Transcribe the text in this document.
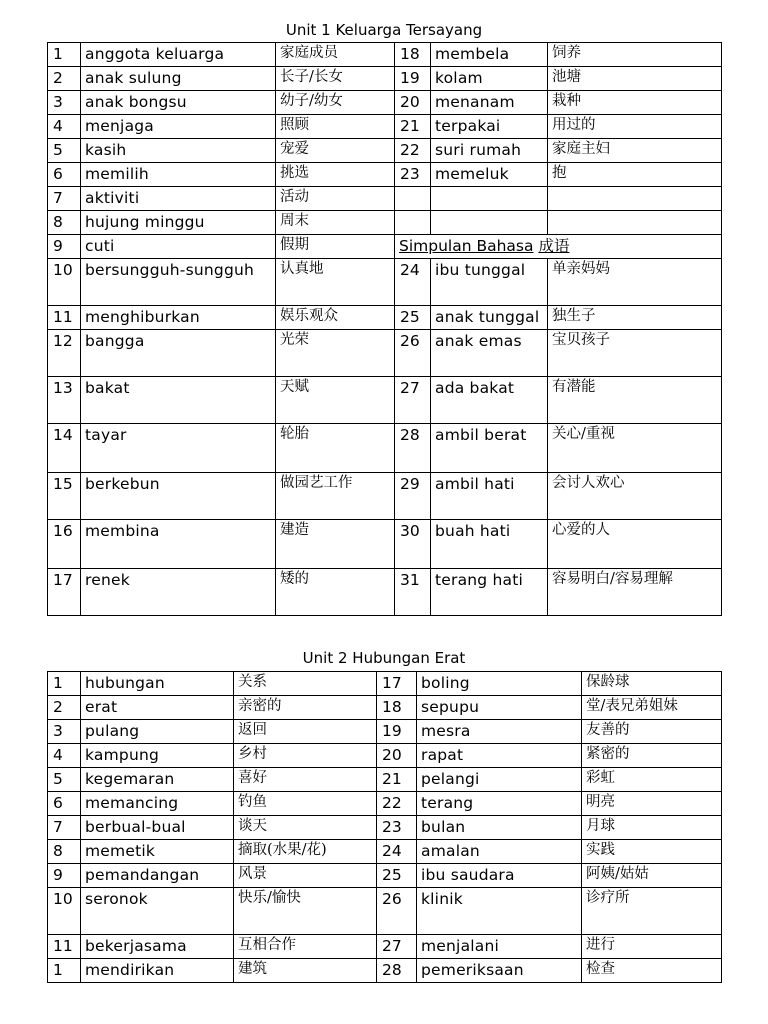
Unit 1 Keluarga Tersayang
1	anggota keluarga	家庭成员	18	membela	饲养
2	anak sulung	长子/长女	19	kolam	池塘
3	anak bongsu	幼子/幼女	20	menanam	栽种
4	menjaga	照顾	21	terpakai	用过的
5	kasih	宠爱	22	suri rumah	家庭主妇
6	memilih	挑选	23	memeluk	抱
7	aktiviti	活动			
8	hujung minggu	周末			
9	cuti	假期	Simpulan Bahasa 成语		
10	bersungguh-sungguh	认真地	24	ibu tunggal	单亲妈妈
11	menghiburkan	娱乐观众	25	anak tunggal	独生子
12	bangga	光荣	26	anak emas	宝贝孩子
13	bakat	天赋	27	ada bakat	有潜能
14	tayar	轮胎	28	ambil berat	关心/重视
15	berkebun	做园艺工作	29	ambil hati	会讨人欢心
16	membina	建造	30	buah hati	心爱的人
17	renek	矮的	31	terang hati	容易明白/容易理解
Unit 2 Hubungan Erat
1	hubungan	关系	17	boling	保龄球
2	erat	亲密的	18	sepupu	堂/表兄弟姐妹
3	pulang	返回	19	mesra	友善的
4	kampung	乡村	20	rapat	紧密的
5	kegemaran	喜好	21	pelangi	彩虹
6	memancing	钓鱼	22	terang	明亮
7	berbual-bual	谈天	23	bulan	月球
8	memetik	摘取(水果/花)	24	amalan	实践
9	pemandangan	风景	25	ibu saudara	阿姨/姑姑
10	seronok	快乐/愉快	26	klinik	诊疗所
11	bekerjasama	互相合作	27	menjalani	进行
1	mendirikan	建筑	28	pemeriksaan	检查
